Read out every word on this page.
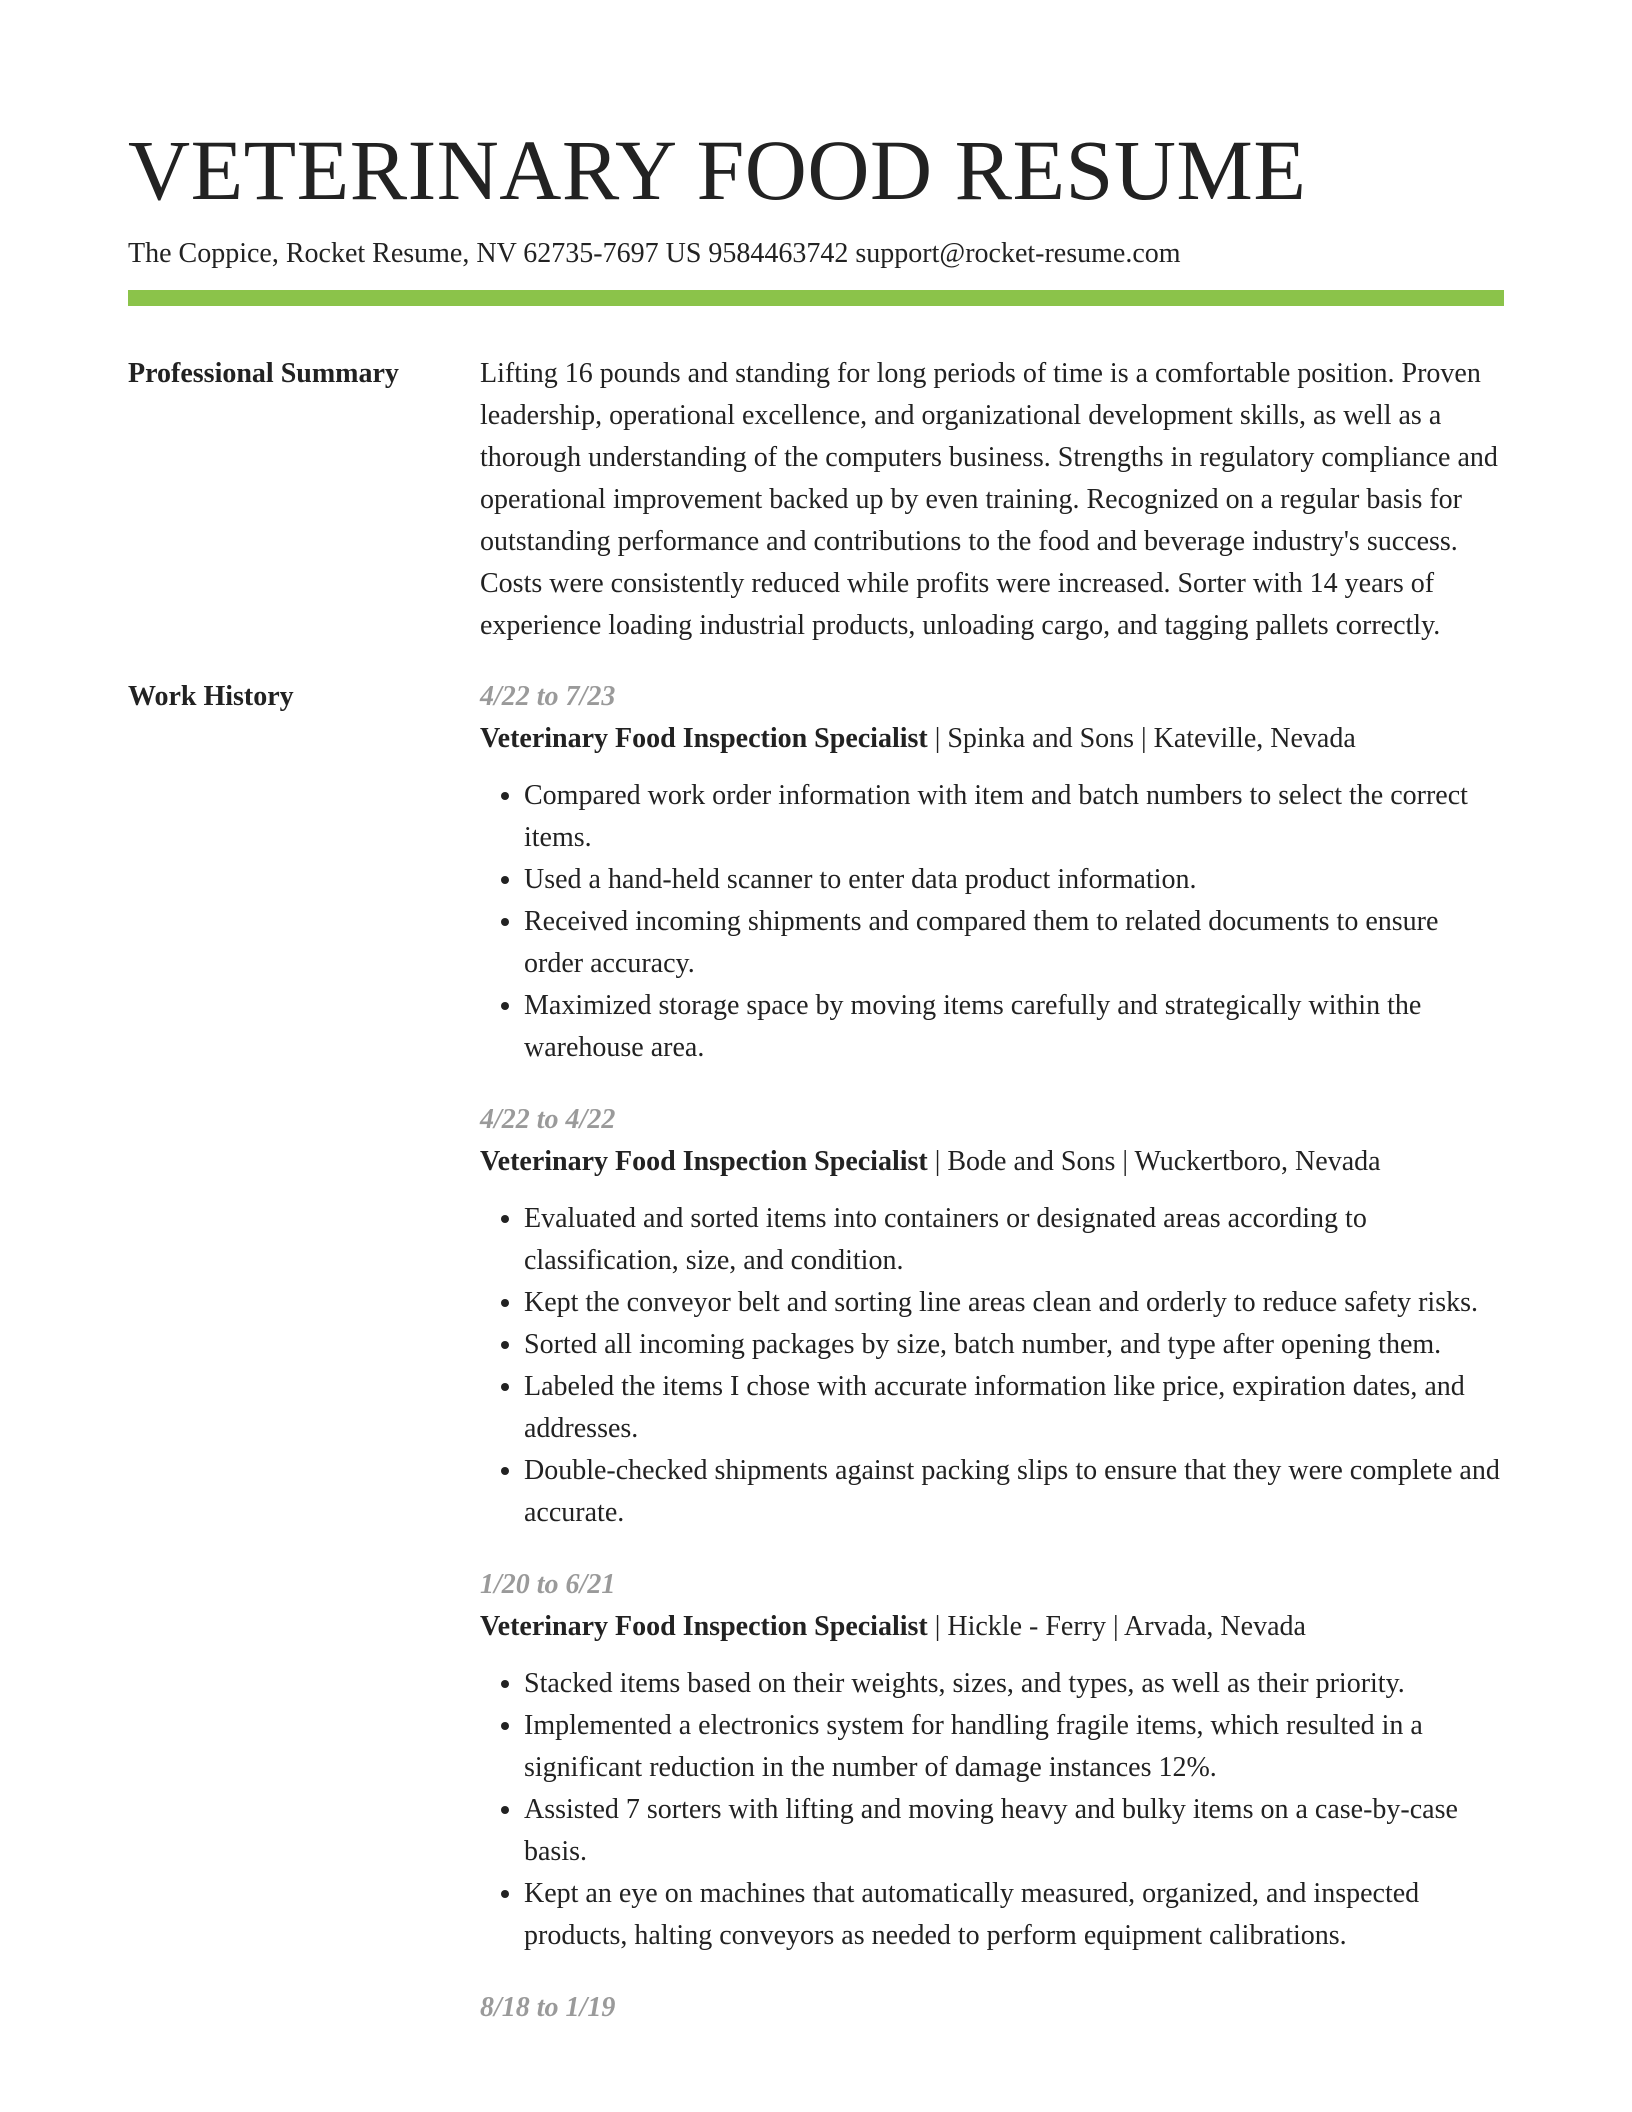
VETERINARY FOOD RESUME
The Coppice, Rocket Resume, NV 62735-7697 US 9584463742 support@rocket-resume.com
Professional Summary	Lifting 16 pounds and standing for long periods of time is a comfortable position. Proven leadership, operational excellence, and organizational development skills, as well as a thorough understanding of the computers business. Strengths in regulatory compliance and operational improvement backed up by even training. Recognized on a regular basis for outstanding performance and contributions to the food and beverage industry's success. Costs were consistently reduced while profits were increased. Sorter with 14 years of experience loading industrial products, unloading cargo, and tagging pallets correctly.

Work History	4/22 to 7/23
Veterinary Food Inspection Specialist | Spinka and Sons | Kateville, Nevada
• Compared work order information with item and batch numbers to select the correct items.
• Used a hand-held scanner to enter data product information.
• Received incoming shipments and compared them to related documents to ensure order accuracy.
• Maximized storage space by moving items carefully and strategically within the warehouse area.
4/22 to 4/22
Veterinary Food Inspection Specialist | Bode and Sons | Wuckertboro, Nevada
• Evaluated and sorted items into containers or designated areas according to classification, size, and condition.
• Kept the conveyor belt and sorting line areas clean and orderly to reduce safety risks.
• Sorted all incoming packages by size, batch number, and type after opening them.
• Labeled the items I chose with accurate information like price, expiration dates, and addresses.
• Double-checked shipments against packing slips to ensure that they were complete and accurate.
1/20 to 6/21
Veterinary Food Inspection Specialist | Hickle - Ferry | Arvada, Nevada
• Stacked items based on their weights, sizes, and types, as well as their priority.
• Implemented a electronics system for handling fragile items, which resulted in a significant reduction in the number of damage instances 12%.
• Assisted 7 sorters with lifting and moving heavy and bulky items on a case-by-case basis.
• Kept an eye on machines that automatically measured, organized, and inspected products, halting conveyors as needed to perform equipment calibrations.
8/18 to 1/19
